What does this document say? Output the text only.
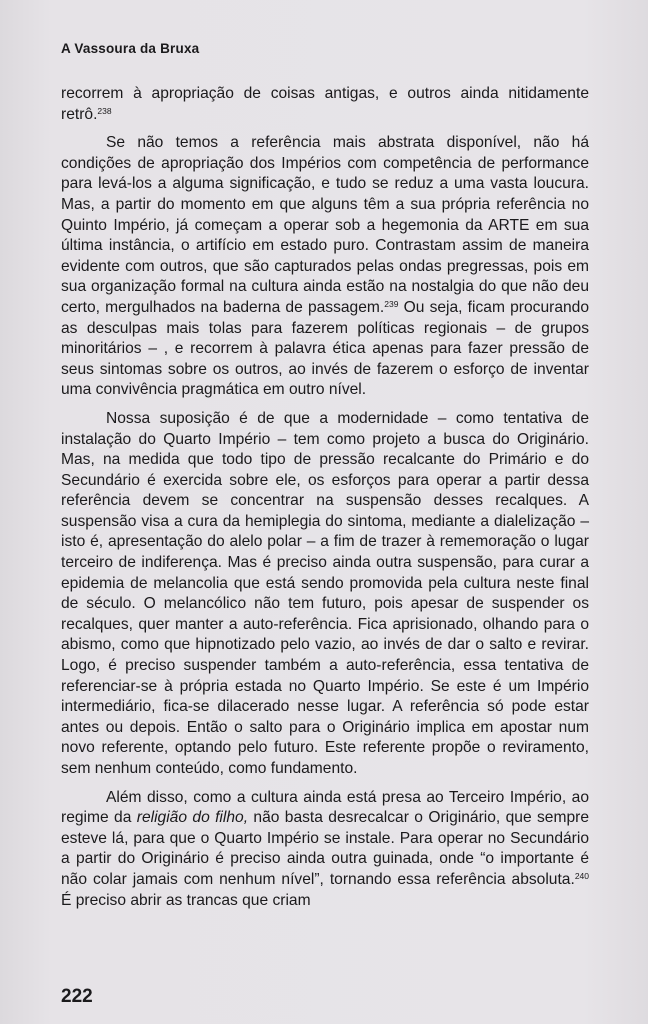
A Vassoura da Bruxa

recorrem à apropriação de coisas antigas, e outros ainda nitidamente retrô.$^{238}$

Se não temos a referência mais abstrata disponível, não há condições de apropriação dos Impérios com competência de performance para levá-los a alguma significação, e tudo se reduz a uma vasta loucura. Mas, a partir do momento em que alguns têm a sua própria referência no Quinto Império, já começam a operar sob a hegemonia da ARTE em sua última instância, o artifício em estado puro. Contrastam assim de maneira evidente com outros, que são capturados pelas ondas pregressas, pois em sua organização formal na cultura ainda estão na nostalgia do que não deu certo, mergulhados na baderna de passagem.$^{239}$ Ou seja, ficam procurando as desculpas mais tolas para fazerem políticas regionais – de grupos minoritários – , e recorrem à palavra ética apenas para fazer pressão de seus sintomas sobre os outros, ao invés de fazerem o esforço de inventar uma convivência pragmática em outro nível.

Nossa suposição é de que a modernidade – como tentativa de instalação do Quarto Império – tem como projeto a busca do Originário. Mas, na medida que todo tipo de pressão recalcante do Primário e do Secundário é exercida sobre ele, os esforços para operar a partir dessa referência devem se concentrar na suspensão desses recalques. A suspensão visa a cura da hemiplegia do sintoma, mediante a dialelização – isto é, apresentação do alelo polar – a fim de trazer à rememoração o lugar terceiro de indiferença. Mas é preciso ainda outra suspensão, para curar a epidemia de melancolia que está sendo promovida pela cultura neste final de século. O melancólico não tem futuro, pois apesar de suspender os recalques, quer manter a auto-referência. Fica aprisionado, olhando para o abismo, como que hipnotizado pelo vazio, ao invés de dar o salto e revirar. Logo, é preciso suspender também a auto-referência, essa tentativa de referenciar-se à própria estada no Quarto Império. Se este é um Império intermediário, fica-se dilacerado nesse lugar. A referência só pode estar antes ou depois. Então o salto para o Originário implica em apostar num novo referente, optando pelo futuro. Este referente propõe o reviramento, sem nenhum conteúdo, como fundamento.

Além disso, como a cultura ainda está presa ao Terceiro Império, ao regime da religião do filho, não basta desrecalcar o Originário, que sempre esteve lá, para que o Quarto Império se instale. Para operar no Secundário a partir do Originário é preciso ainda outra guinada, onde “o importante é não colar jamais com nenhum nível”, tornando essa referência absoluta.$^{240}$ É preciso abrir as trancas que criam

222
